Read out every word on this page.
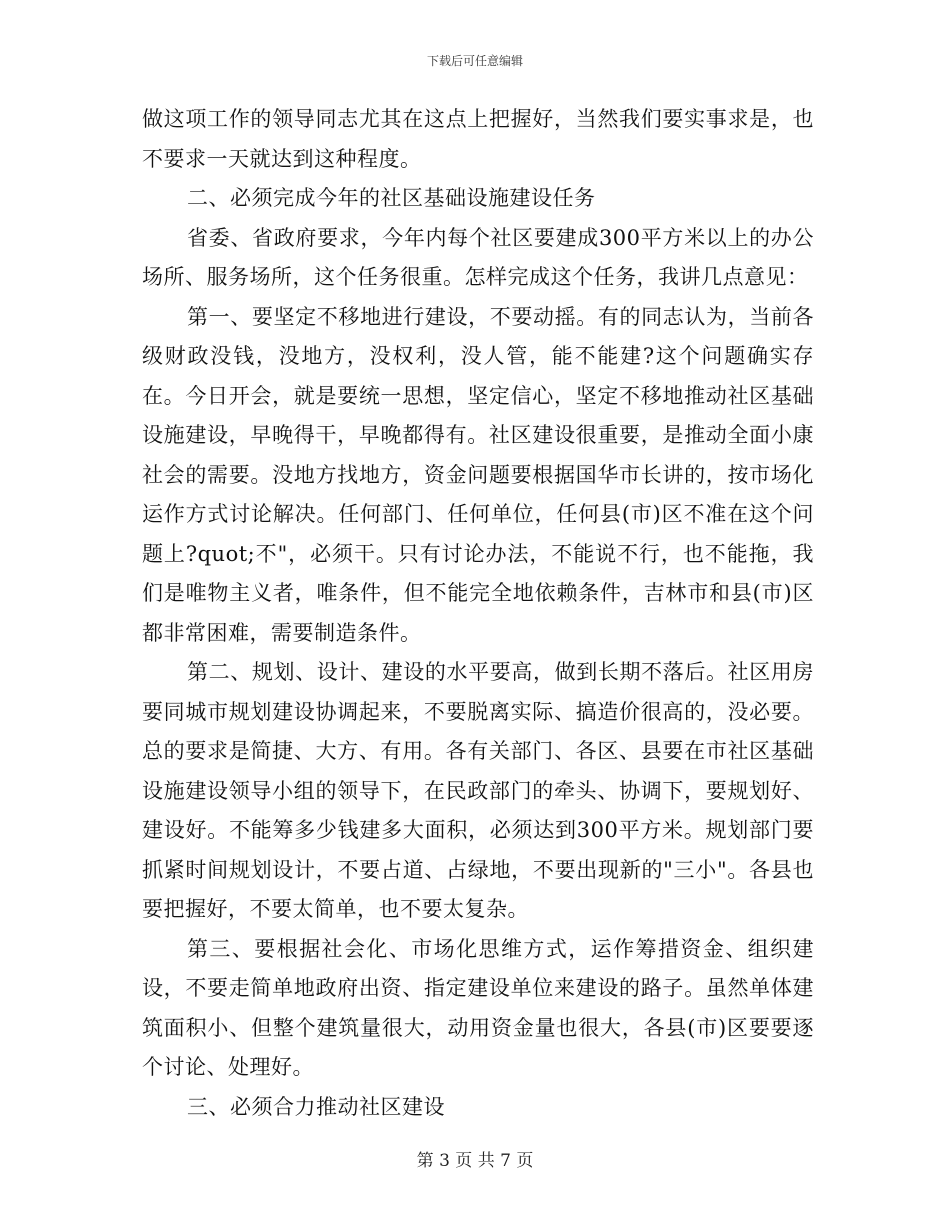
下载后可任意编辑

做这项工作的领导同志尤其在这点上把握好，当然我们要实事求是，也不要求一天就达到这种程度。

二、必须完成今年的社区基础设施建设任务

省委、省政府要求，今年内每个社区要建成300平方米以上的办公场所、服务场所，这个任务很重。怎样完成这个任务，我讲几点意见：

第一、要坚定不移地进行建设，不要动摇。有的同志认为，当前各级财政没钱，没地方，没权利，没人管，能不能建?这个问题确实存在。今日开会，就是要统一思想，坚定信心，坚定不移地推动社区基础设施建设，早晚得干，早晚都得有。社区建设很重要，是推动全面小康社会的需要。没地方找地方，资金问题要根据国华市长讲的，按市场化运作方式讨论解决。任何部门、任何单位，任何县(市)区不准在这个问题上?quot;不"，必须干。只有讨论办法，不能说不行，也不能拖，我们是唯物主义者，唯条件，但不能完全地依赖条件，吉林市和县(市)区都非常困难，需要制造条件。

第二、规划、设计、建设的水平要高，做到长期不落后。社区用房要同城市规划建设协调起来，不要脱离实际、搞造价很高的，没必要。总的要求是简捷、大方、有用。各有关部门、各区、县要在市社区基础设施建设领导小组的领导下，在民政部门的牵头、协调下，要规划好、建设好。不能筹多少钱建多大面积，必须达到300平方米。规划部门要抓紧时间规划设计，不要占道、占绿地，不要出现新的"三小"。各县也要把握好，不要太简单，也不要太复杂。

第三、要根据社会化、市场化思维方式，运作筹措资金、组织建设，不要走简单地政府出资、指定建设单位来建设的路子。虽然单体建筑面积小、但整个建筑量很大，动用资金量也很大，各县(市)区要要逐个讨论、处理好。

三、必须合力推动社区建设

第 3 页 共 7 页
